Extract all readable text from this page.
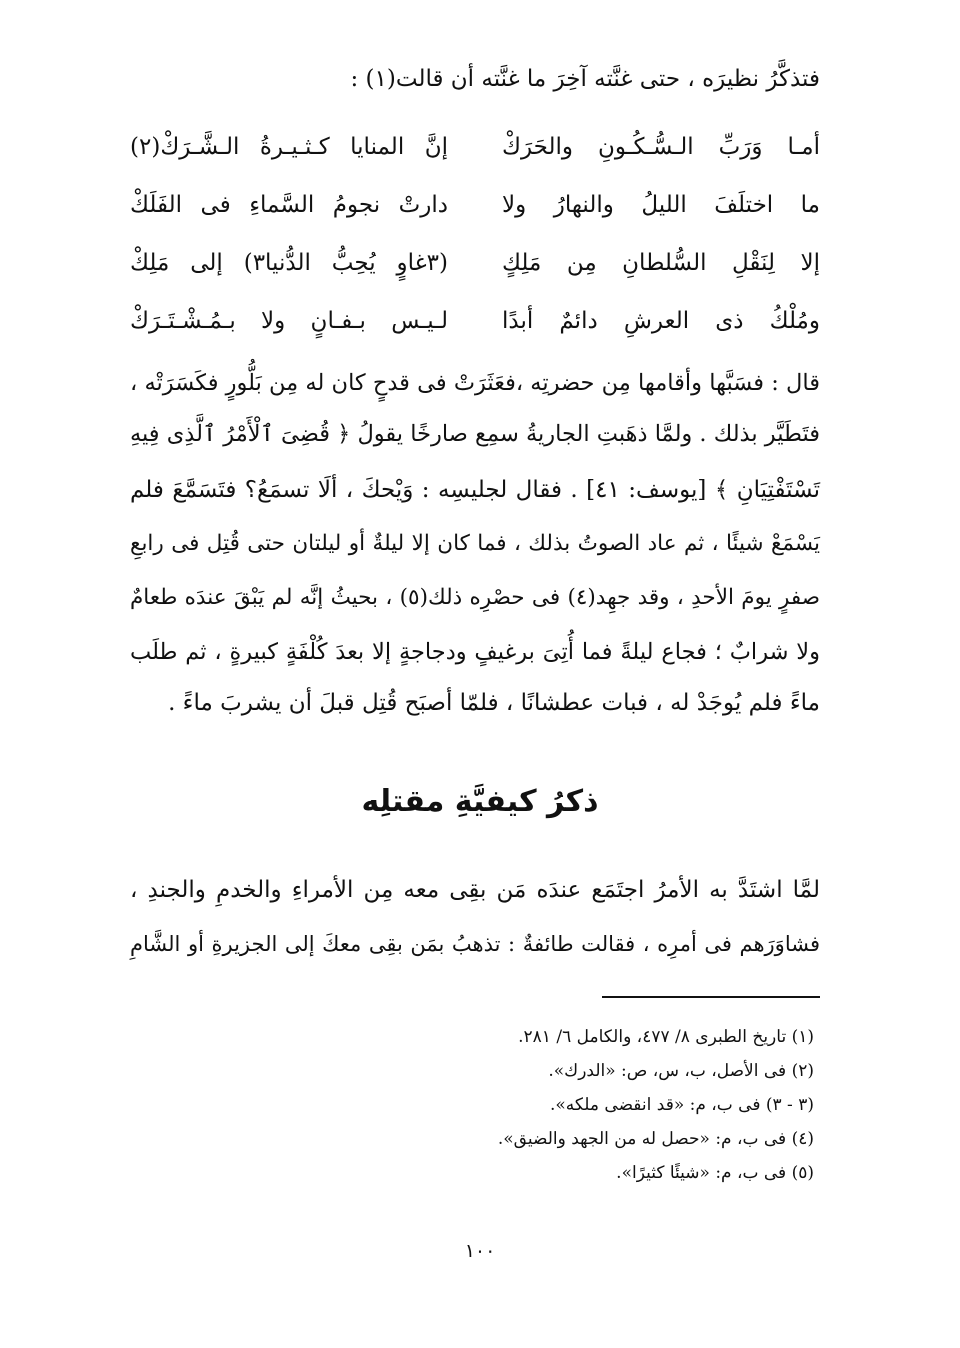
فتذكَّرُ نظيرَه ، حتى غنَّته آخِرَ ما غنَّته أن قالت(١) :
أمـا وَرَبِّ الـسُّـكُـونِ والحَرَكْ
إنَّ المنايا كـثـيـرةُ الـشَّـرَكْ(٢)
ما اختلَفَ الليلُ والنهارُ ولا
دارتْ نجومُ السَّماءِ فى الفَلَكْ
إلا لِنَقْلِ السُّلطانِ مِن مَلِكٍ
(٣غاوٍ يُحِبُّ الدُّنيا٣) إلى مَلِكْ
ومُلْكُ ذى العرشِ دائمٌ أبدًا
لـيـس بـفـانٍ ولا بـمُـشْـتَـرَكْ
قال : فسَبَّها وأقامها مِن حضرتِه ،فعَثَرَتْ فى قدحٍ كان له مِن بَلُّورٍ فكَسَرَتْه ،
فتَطَيَّر بذلك . ولمَّا ذهَبتِ الجاريةُ سمِع صارخًا يقولُ ﴿ قُضِىَ ٱلْأَمْرُ ٱلَّذِى فِيهِ
تَسْتَفْتِيَانِ ﴾ [يوسف: ٤١] . فقال لجليسِه : وَيْحكَ ، ألَا تسمَعُ؟ فتَسَمَّعَ فلم
يَسْمَعْ شيئًا ، ثم عاد الصوتُ بذلك ، فما كان إلا ليلةٌ أو ليلتان حتى قُتِل فى رابعِ
صفرٍ يومَ الأحدِ ، وقد جهِد(٤) فى حصْرِه ذلك(٥) ، بحيثُ إنَّه لم يَبْقَ عندَه طعامٌ
ولا شرابٌ ؛ فجاع ليلةً فما أُتِىَ برغيفٍ ودجاجةٍ إلا بعدَ كُلْفَةٍ كبيرةٍ ، ثم طلَب
ماءً فلم يُوجَدْ له ، فبات عطشانًا ، فلمّا أصبَح قُتِل قبلَ أن يشربَ ماءً .
ذكرُ كيفيَّةِ مقتلِه
لمَّا اشتَدَّ به الأمرُ اجتَمَع عندَه مَن بقِى معه مِن الأمراءِ والخدمِ والجندِ ،
فشاوَرَهم فى أمرِه ، فقالت طائفةٌ : تذهبُ بمَن بقِى معكَ إلى الجزيرةِ أو الشَّامِ
(١) تاريخ الطبرى ٨/ ٤٧٧، والكامل ٦/ ٢٨١.
(٢) فى الأصل، ب، س، ص: «الدرك».
(٣ - ٣) فى ب، م: «قد انقضى ملكه».
(٤) فى ب، م: «حصل له من الجهد والضيق».
(٥) فى ب، م: «شيئًا كثيرًا».
١٠٠
